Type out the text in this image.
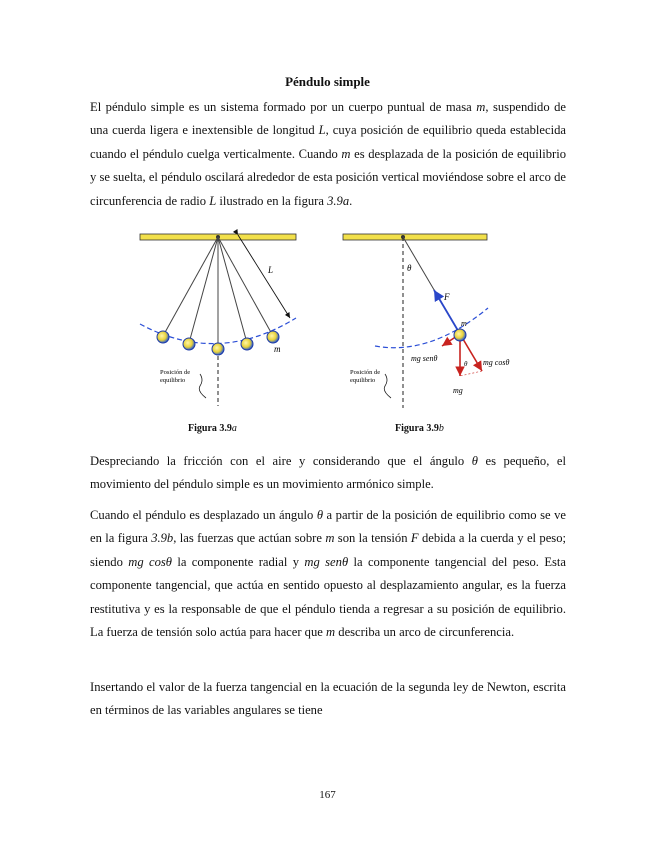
Péndulo simple

El péndulo simple es un sistema formado por un cuerpo puntual de masa m, suspendido de una cuerda ligera e inextensible de longitud L, cuya posición de equilibrio queda establecida cuando el péndulo cuelga verticalmente. Cuando m es desplazada de la posición de equilibrio y se suelta, el péndulo oscilará alrededor de esta posición vertical moviéndose sobre el arco de circunferencia de radio L ilustrado en la figura 3.9a.

L
m
Posición de
equilibrio
θ
F
m
mg senθ	mg cosθ
θ
mg
Posición de
equilibrio
Figura 3.9a	Figura 3.9b

Despreciando la fricción con el aire y considerando que el ángulo θ es pequeño, el movimiento del péndulo simple es un movimiento armónico simple.

Cuando el péndulo es desplazado un ángulo θ a partir de la posición de equilibrio como se ve en la figura 3.9b, las fuerzas que actúan sobre m son la tensión F debida a la cuerda y el peso; siendo mg cosθ la componente radial y mg senθ la componente tangencial del peso. Esta componente tangencial, que actúa en sentido opuesto al desplazamiento angular, es la fuerza restitutiva y es la responsable de que el péndulo tienda a regresar a su posición de equilibrio. La fuerza de tensión solo actúa para hacer que m describa un arco de circunferencia.

Insertando el valor de la fuerza tangencial en la ecuación de la segunda ley de Newton, escrita en términos de las variables angulares se tiene

167
